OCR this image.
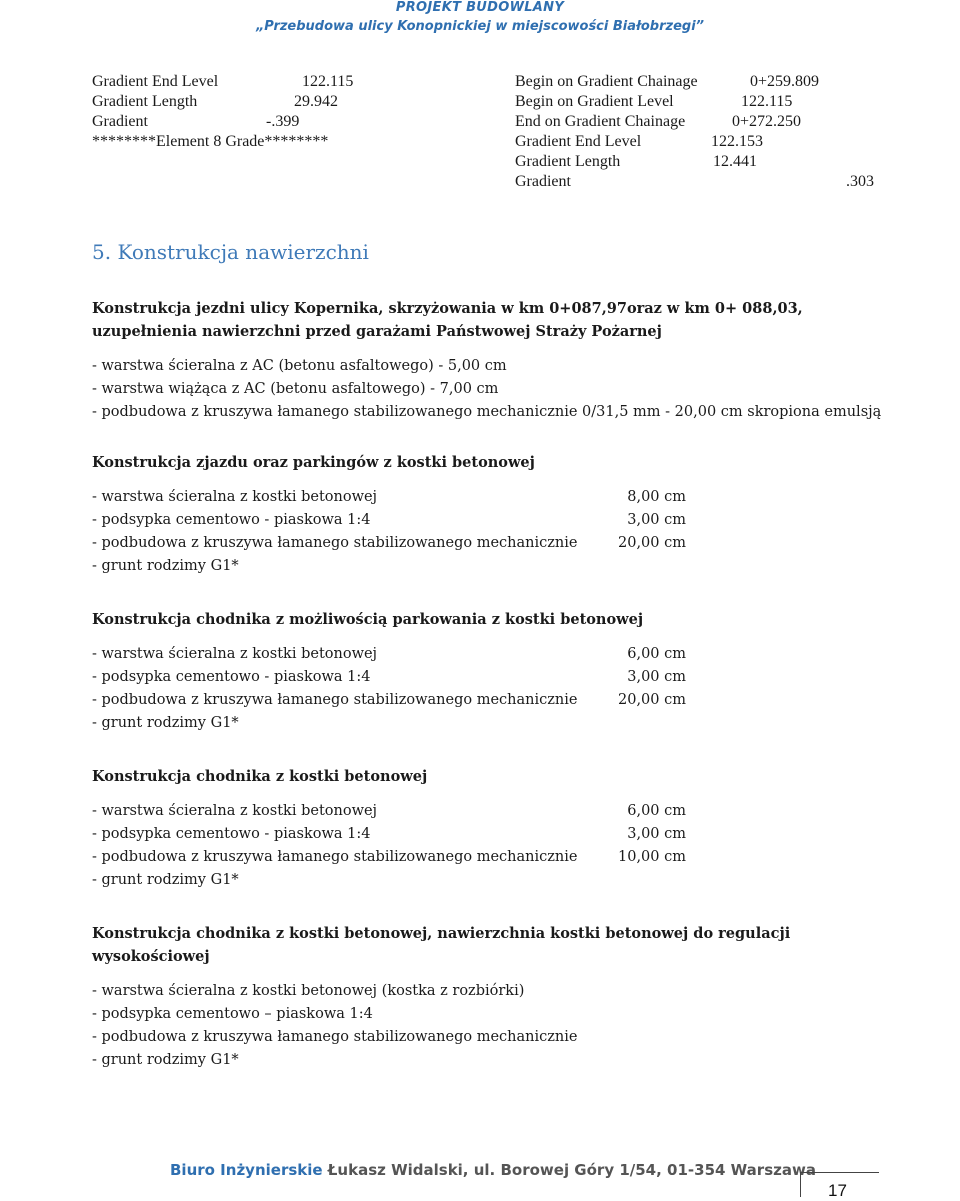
PROJEKT BUDOWLANY
„Przebudowa ulicy Konopnickiej w miejscowości Białobrzegi”
Gradient End Level	122.115
Gradient Length	29.942
Gradient	-.399
********Element 8 Grade********
Begin on Gradient Chainage	0+259.809
Begin on Gradient Level	122.115
End on Gradient Chainage	0+272.250
Gradient End Level	122.153
Gradient Length	12.441
Gradient	.303
5. Konstrukcja nawierzchni
Konstrukcja jezdni ulicy Kopernika, skrzyżowania w km 0+087,97oraz w km 0+ 088,03, uzupełnienia nawierzchni przed garażami Państwowej Straży Pożarnej
- warstwa ścieralna z AC (betonu asfaltowego) - 5,00 cm
- warstwa wiążąca z AC (betonu asfaltowego) - 7,00 cm
- podbudowa z kruszywa łamanego stabilizowanego mechanicznie 0/31,5 mm - 20,00 cm skropiona emulsją
Konstrukcja zjazdu oraz parkingów z kostki betonowej
- warstwa ścieralna z kostki betonowej	8,00 cm
- podsypka cementowo - piaskowa 1:4	3,00 cm
- podbudowa z kruszywa łamanego stabilizowanego mechanicznie	20,00 cm
- grunt rodzimy G1*
Konstrukcja chodnika z możliwością parkowania z kostki betonowej
- warstwa ścieralna z kostki betonowej	6,00 cm
- podsypka cementowo - piaskowa 1:4	3,00 cm
- podbudowa z kruszywa łamanego stabilizowanego mechanicznie	20,00 cm
- grunt rodzimy G1*
Konstrukcja chodnika z kostki betonowej
- warstwa ścieralna z kostki betonowej	6,00 cm
- podsypka cementowo - piaskowa 1:4	3,00 cm
- podbudowa z kruszywa łamanego stabilizowanego mechanicznie	10,00 cm
- grunt rodzimy G1*
Konstrukcja chodnika z kostki betonowej, nawierzchnia kostki betonowej do regulacji wysokościowej
- warstwa ścieralna z kostki betonowej (kostka z rozbiórki)
- podsypka cementowo – piaskowa 1:4
- podbudowa z kruszywa łamanego stabilizowanego mechanicznie
- grunt rodzimy G1*
Biuro Inżynierskie Łukasz Widalski, ul. Borowej Góry 1/54, 01-354 Warszawa
17
